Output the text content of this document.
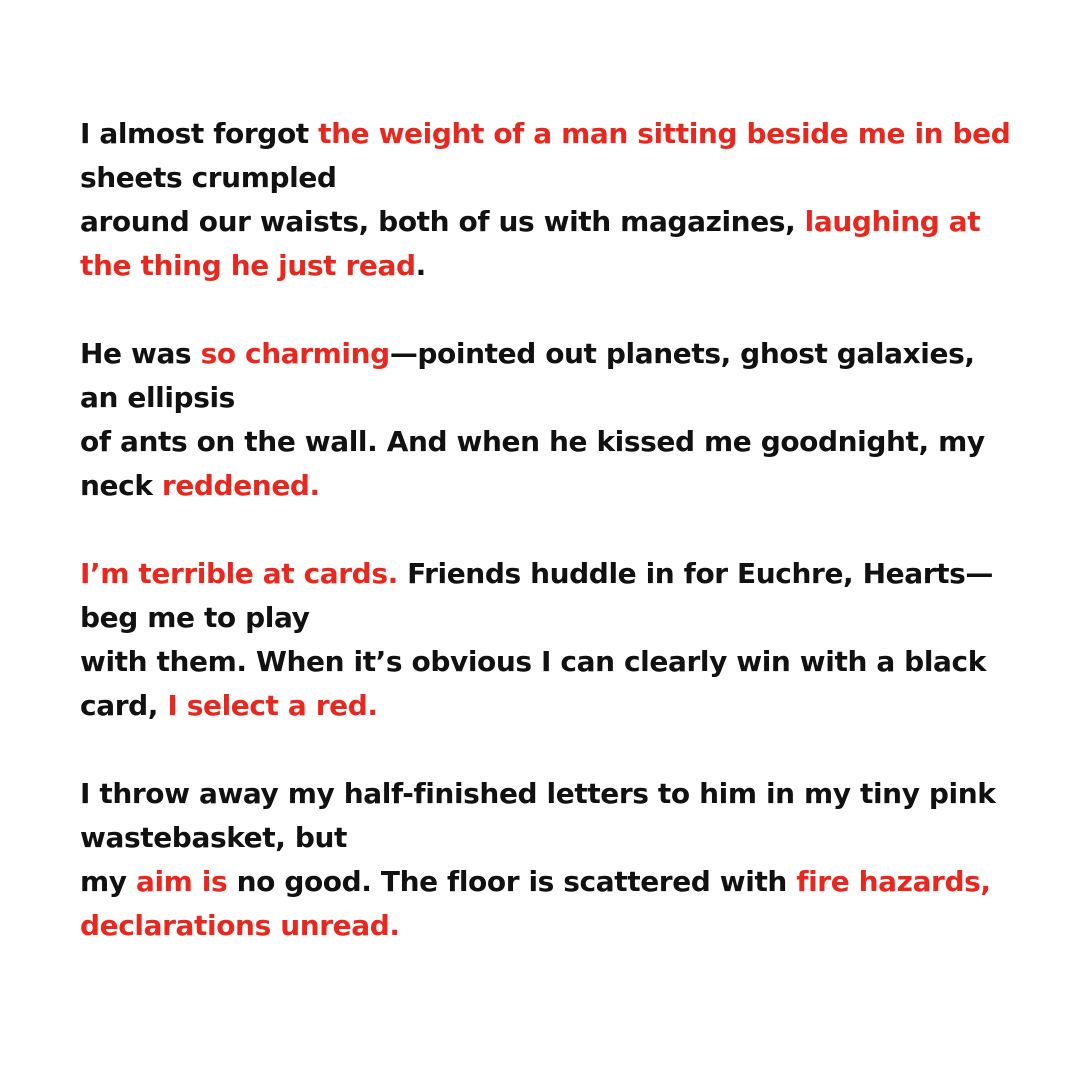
I almost forgot the weight of a man sitting beside me in bed
sheets crumpled
around our waists, both of us with magazines, laughing at
the thing he just read.
He was so charming—pointed out planets, ghost galaxies,
an ellipsis
of ants on the wall. And when he kissed me goodnight, my
neck reddened.
I’m terrible at cards. Friends huddle in for Euchre, Hearts—
beg me to play
with them. When it’s obvious I can clearly win with a black
card, I select a red.
I throw away my half-finished letters to him in my tiny pink
wastebasket, but
my aim is no good. The floor is scattered with fire hazards,
declarations unread.
